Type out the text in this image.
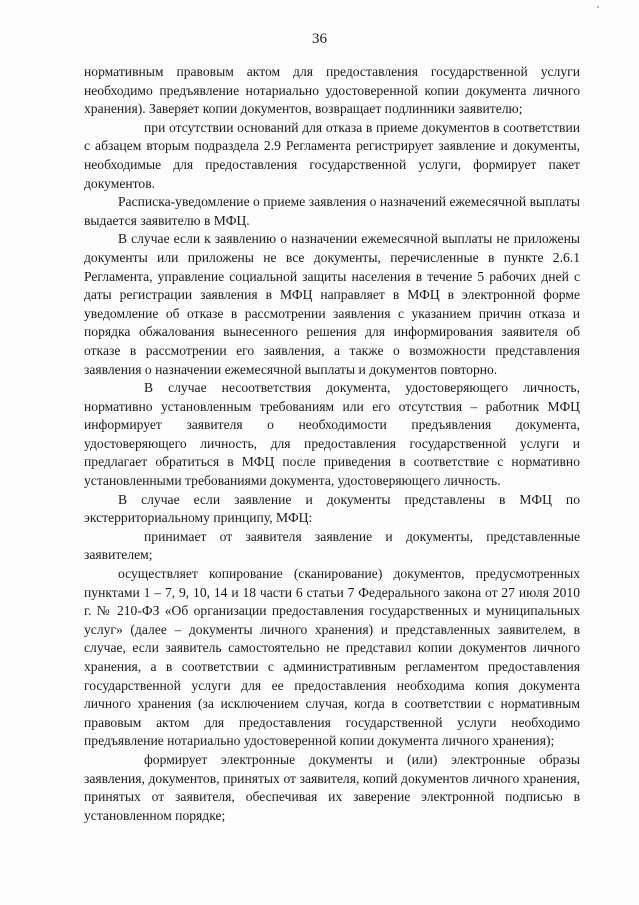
36

нормативным правовым актом для предоставления государственной услуги необходимо предъявление нотариально удостоверенной копии документа личного хранения). Заверяет копии документов, возвращает подлинники заявителю;

при отсутствии оснований для отказа в приеме документов в соответствии с абзацем вторым подраздела 2.9 Регламента регистрирует заявление и документы, необходимые для предоставления государственной услуги, формирует пакет документов.

Расписка-уведомление о приеме заявления о назначений ежемесячной выплаты выдается заявителю в МФЦ.

В случае если к заявлению о назначении ежемесячной выплаты не приложены документы или приложены не все документы, перечисленные в пункте 2.6.1 Регламента, управление социальной защиты населения в течение 5 рабочих дней с даты регистрации заявления в МФЦ направляет в МФЦ в электронной форме уведомление об отказе в рассмотрении заявления с указанием причин отказа и порядка обжалования вынесенного решения для информирования заявителя об отказе в рассмотрении его заявления, а также о возможности представления заявления о назначении ежемесячной выплаты и документов повторно.

В случае несоответствия документа, удостоверяющего личность, нормативно установленным требованиям или его отсутствия – работник МФЦ информирует заявителя о необходимости предъявления документа, удостоверяющего личность, для предоставления государственной услуги и предлагает обратиться в МФЦ после приведения в соответствие с нормативно установленными требованиями документа, удостоверяющего личность.

В случае если заявление и документы представлены в МФЦ по экстерриториальному принципу, МФЦ:

принимает от заявителя заявление и документы, представленные заявителем;

осуществляет копирование (сканирование) документов, предусмотренных пунктами 1 – 7, 9, 10, 14 и 18 части 6 статьи 7 Федерального закона от 27 июля 2010 г. № 210-ФЗ «Об организации предоставления государственных и муниципальных услуг» (далее – документы личного хранения) и представленных заявителем, в случае, если заявитель самостоятельно не представил копии документов личного хранения, а в соответствии с административным регламентом предоставления государственной услуги для ее предоставления необходима копия документа личного хранения (за исключением случая, когда в соответствии с нормативным правовым актом для предоставления государственной услуги необходимо предъявление нотариально удостоверенной копии документа личного хранения);

формирует электронные документы и (или) электронные образы заявления, документов, принятых от заявителя, копий документов личного хранения, принятых от заявителя, обеспечивая их заверение электронной подписью в установленном порядке;
